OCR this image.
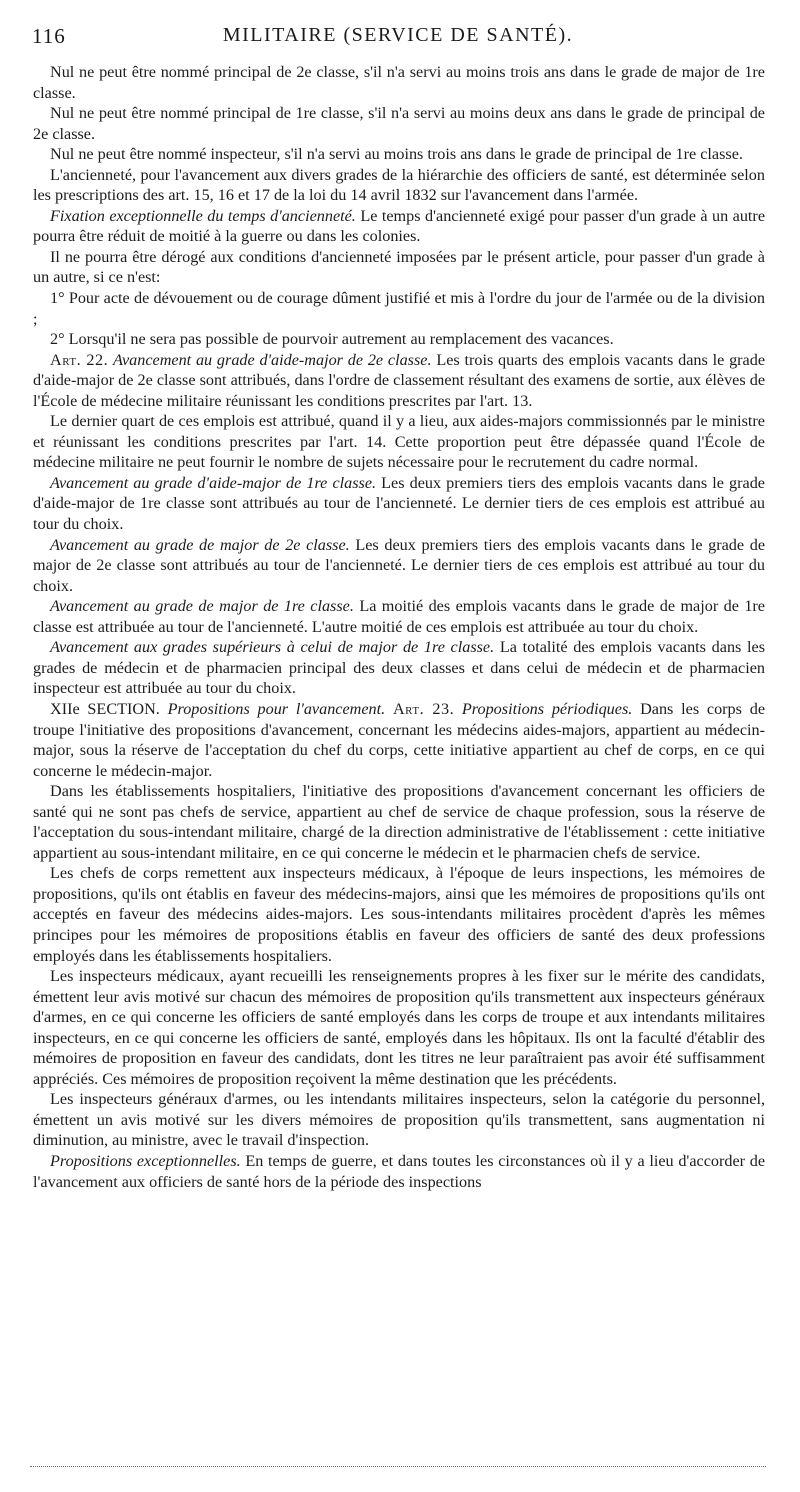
116	MILITAIRE (SERVICE DE SANTÉ).

Nul ne peut être nommé principal de 2e classe, s'il n'a servi au moins trois ans dans le grade de major de 1re classe.

Nul ne peut être nommé principal de 1re classe, s'il n'a servi au moins deux ans dans le grade de principal de 2e classe.

Nul ne peut être nommé inspecteur, s'il n'a servi au moins trois ans dans le grade de principal de 1re classe.

L'ancienneté, pour l'avancement aux divers grades de la hiérarchie des officiers de santé, est déterminée selon les prescriptions des art. 15, 16 et 17 de la loi du 14 avril 1832 sur l'avancement dans l'armée.

Fixation exceptionnelle du temps d'ancienneté. Le temps d'ancienneté exigé pour passer d'un grade à un autre pourra être réduit de moitié à la guerre ou dans les colonies.

Il ne pourra être dérogé aux conditions d'ancienneté imposées par le présent article, pour passer d'un grade à un autre, si ce n'est:

1° Pour acte de dévouement ou de courage dûment justifié et mis à l'ordre du jour de l'armée ou de la division ;

2° Lorsqu'il ne sera pas possible de pourvoir autrement au remplacement des vacances.

Art. 22. Avancement au grade d'aide-major de 2e classe. Les trois quarts des emplois vacants dans le grade d'aide-major de 2e classe sont attribués, dans l'ordre de classement résultant des examens de sortie, aux élèves de l'École de médecine militaire réunissant les conditions prescrites par l'art. 13.

Le dernier quart de ces emplois est attribué, quand il y a lieu, aux aides-majors commissionnés par le ministre et réunissant les conditions prescrites par l'art. 14. Cette proportion peut être dépassée quand l'École de médecine militaire ne peut fournir le nombre de sujets nécessaire pour le recrutement du cadre normal.

Avancement au grade d'aide-major de 1re classe. Les deux premiers tiers des emplois vacants dans le grade d'aide-major de 1re classe sont attribués au tour de l'ancienneté. Le dernier tiers de ces emplois est attribué au tour du choix.

Avancement au grade de major de 2e classe. Les deux premiers tiers des emplois vacants dans le grade de major de 2e classe sont attribués au tour de l'ancienneté. Le dernier tiers de ces emplois est attribué au tour du choix.

Avancement au grade de major de 1re classe. La moitié des emplois vacants dans le grade de major de 1re classe est attribuée au tour de l'ancienneté. L'autre moitié de ces emplois est attribuée au tour du choix.

Avancement aux grades supérieurs à celui de major de 1re classe. La totalité des emplois vacants dans les grades de médecin et de pharmacien principal des deux classes et dans celui de médecin et de pharmacien inspecteur est attribuée au tour du choix.

XIIe SECTION. Propositions pour l'avancement. Art. 23. Propositions périodiques. Dans les corps de troupe l'initiative des propositions d'avancement, concernant les médecins aides-majors, appartient au médecin-major, sous la réserve de l'acceptation du chef du corps, cette initiative appartient au chef de corps, en ce qui concerne le médecin-major.

Dans les établissements hospitaliers, l'initiative des propositions d'avancement concernant les officiers de santé qui ne sont pas chefs de service, appartient au chef de service de chaque profession, sous la réserve de l'acceptation du sous-intendant militaire, chargé de la direction administrative de l'établissement : cette initiative appartient au sous-intendant militaire, en ce qui concerne le médecin et le pharmacien chefs de service.

Les chefs de corps remettent aux inspecteurs médicaux, à l'époque de leurs inspections, les mémoires de propositions, qu'ils ont établis en faveur des médecins-majors, ainsi que les mémoires de propositions qu'ils ont acceptés en faveur des médecins aides-majors. Les sous-intendants militaires procèdent d'après les mêmes principes pour les mémoires de propositions établis en faveur des officiers de santé des deux professions employés dans les établissements hospitaliers.

Les inspecteurs médicaux, ayant recueilli les renseignements propres à les fixer sur le mérite des candidats, émettent leur avis motivé sur chacun des mémoires de proposition qu'ils transmettent aux inspecteurs généraux d'armes, en ce qui concerne les officiers de santé employés dans les corps de troupe et aux intendants militaires inspecteurs, en ce qui concerne les officiers de santé, employés dans les hôpitaux. Ils ont la faculté d'établir des mémoires de proposition en faveur des candidats, dont les titres ne leur paraîtraient pas avoir été suffisamment appréciés. Ces mémoires de proposition reçoivent la même destination que les précédents.

Les inspecteurs généraux d'armes, ou les intendants militaires inspecteurs, selon la catégorie du personnel, émettent un avis motivé sur les divers mémoires de proposition qu'ils transmettent, sans augmentation ni diminution, au ministre, avec le travail d'inspection.

Propositions exceptionnelles. En temps de guerre, et dans toutes les circonstances où il y a lieu d'accorder de l'avancement aux officiers de santé hors de la période des inspections
